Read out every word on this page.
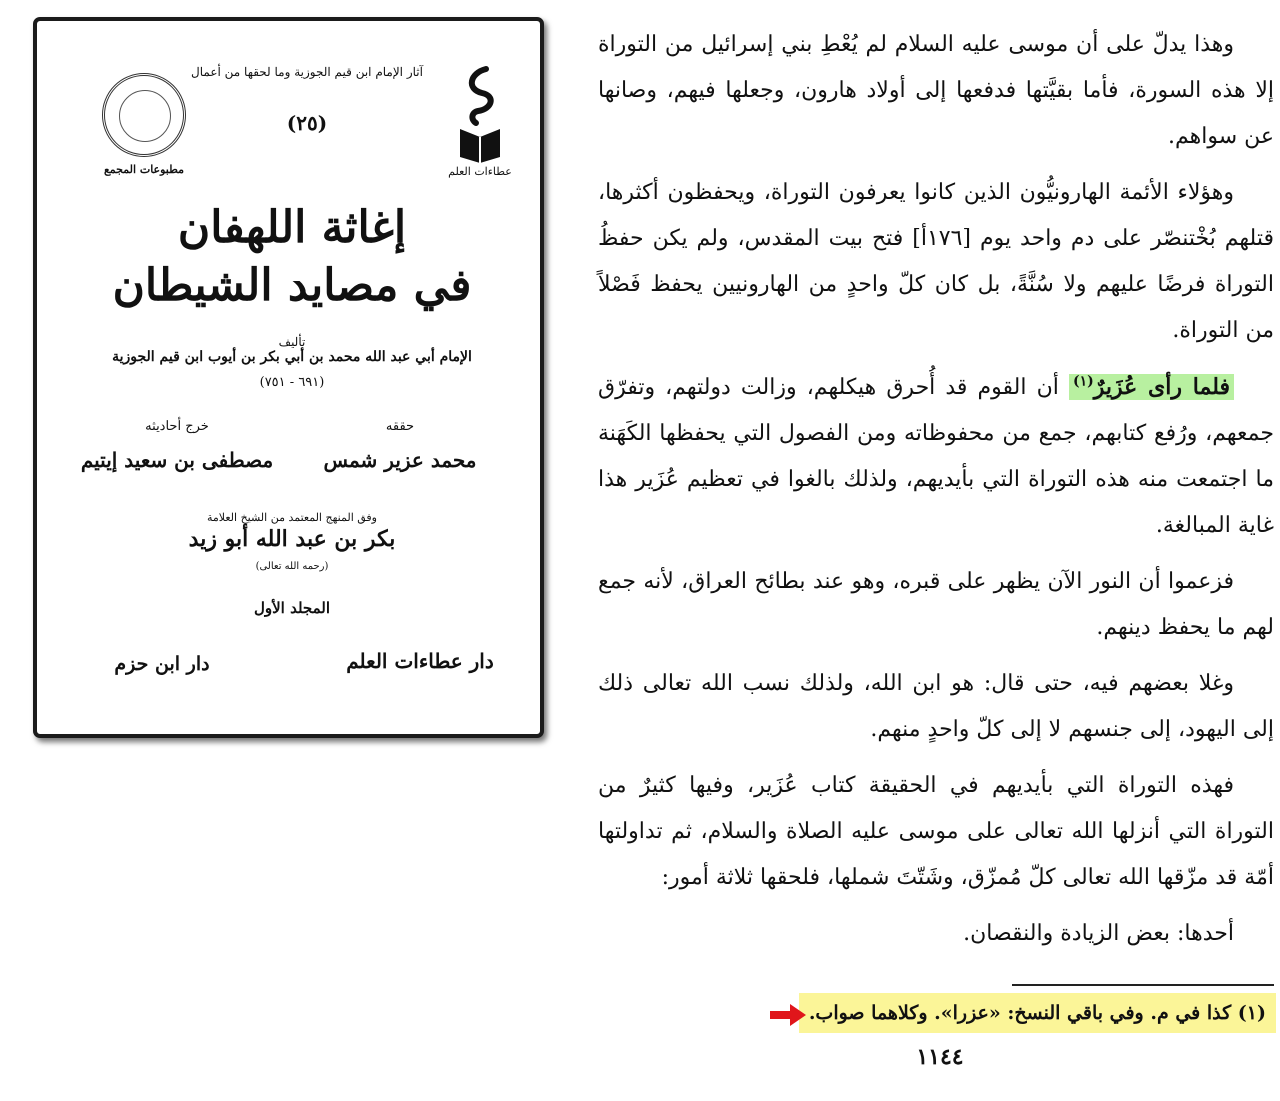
آثار الإمام ابن قيم الجوزية وما لحقها من أعمال
(٢٥)
عطاءات العلم
مطبوعات المجمع
إغاثة اللهفان
في مصايد الشيطان
تأليف
الإمام أبي عبد الله محمد بن أبي بكر بن أيوب ابن قيم الجوزية
(٦٩١ - ٧٥١)
حققه
محمد عزير شمس
خرج أحاديثه
مصطفى بن سعيد إيتيم
وفق المنهج المعتمد من الشيخ العلامة
بكر بن عبد الله أبو زيد
(رحمه الله تعالى)
المجلد الأول
دار عطاءات العلم
دار ابن حزم

وهذا يدلّ على أن موسى عليه السلام لم يُعْطِ بني إسرائيل من التوراة إلا هذه السورة، فأما بقيَّتها فدفعها إلى أولاد هارون، وجعلها فيهم، وصانها عن سواهم.

وهؤلاء الأئمة الهارونيُّون الذين كانوا يعرفون التوراة، ويحفظون أكثرها، قتلهم بُخْتنصّر على دم واحد يوم [١٧٦أ] فتح بيت المقدس، ولم يكن حفظُ التوراة فرضًا عليهم ولا سُنَّةً، بل كان كلّ واحدٍ من الهارونيين يحفظ فَصْلاً من التوراة.

فلما رأى عُزَيرٌ$^{(١)}$ أن القوم قد أُحرق هيكلهم، وزالت دولتهم، وتفرّق جمعهم، ورُفع كتابهم، جمع من محفوظاته ومن الفصول التي يحفظها الكَهَنة ما اجتمعت منه هذه التوراة التي بأيديهم، ولذلك بالغوا في تعظيم عُزَير هذا غاية المبالغة.

فزعموا أن النور الآن يظهر على قبره، وهو عند بطائح العراق، لأنه جمع لهم ما يحفظ دينهم.

وغلا بعضهم فيه، حتى قال: هو ابن الله، ولذلك نسب الله تعالى ذلك إلى اليهود، إلى جنسهم لا إلى كلّ واحدٍ منهم.

فهذه التوراة التي بأيديهم في الحقيقة كتاب عُزَير، وفيها كثيرٌ من التوراة التي أنزلها الله تعالى على موسى عليه الصلاة والسلام، ثم تداولتها أمّة قد مزّقها الله تعالى كلّ مُمزّق، وشَتّتَ شملها، فلحقها ثلاثة أمور:

أحدها: بعض الزيادة والنقصان.

(١) كذا في م. وفي باقي النسخ: «عزرا». وكلاهما صواب.
١١٤٤
